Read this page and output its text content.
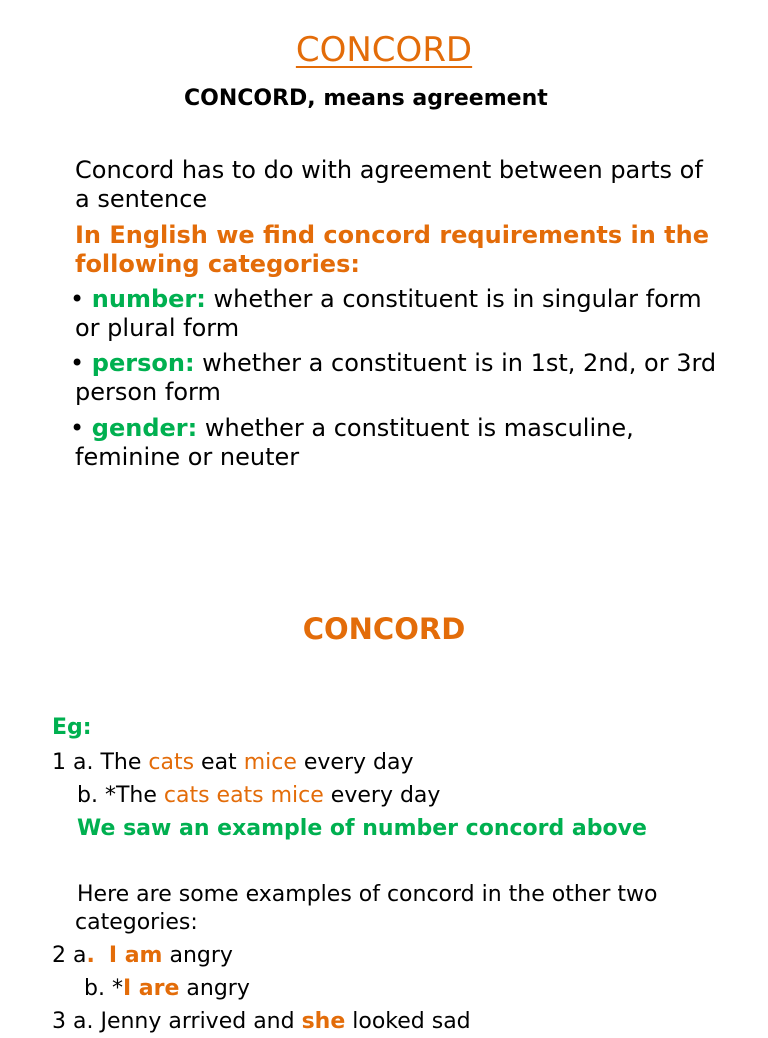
CONCORD
CONCORD, means agreement
Concord has to do with agreement between parts of
a sentence
In English we find concord requirements in the
following categories:
• number: whether a constituent is in singular form
or plural form
• person: whether a constituent is in 1st, 2nd, or 3rd
person form
• gender: whether a constituent is masculine,
feminine or neuter
CONCORD
Eg:
1 a. The cats eat mice every day
b. *The cats eats mice every day
We saw an example of number concord above
Here are some examples of concord in the other two
categories:
2 a. I am angry
b. *I are angry
3 a. Jenny arrived and she looked sad
